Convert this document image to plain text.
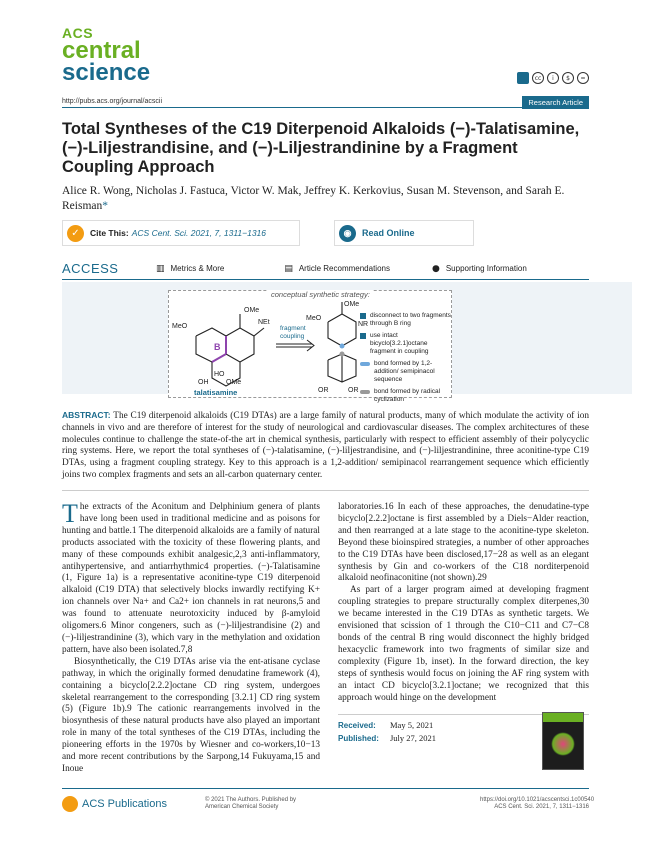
ACS
central
science	cc	i	$	=
http://pubs.acs.org/journal/acscii	Research Article
Total Syntheses of the C19 Diterpenoid Alkaloids (−)-Talatisamine, (−)-Liljestrandisine, and (−)-Liljestrandinine by a Fragment Coupling Approach
Alice R. Wong, Nicholas J. Fastuca, Victor W. Mak, Jeffrey K. Kerkovius, Susan M. Stevenson, and Sarah E. Reisman*
✓	Cite This: ACS Cent. Sci. 2021, 7, 1311−1316	◉	Read Online
ACCESS	▥ Metrics & More	▤ Article Recommendations	● Supporting Information
conceptual synthetic strategy:
B
OMe
MeO
NEt
HO
OH	OMe
talatisamine
fragment
coupling
MeO
OMe
NR
OR	OR
disconnect to two fragments through B ring
use intact bicyclo[3.2.1]octane fragment in coupling
bond formed by 1,2-addition/ semipinacol sequence
bond formed by radical cyclization
ABSTRACT: The C19 diterpenoid alkaloids (C19 DTAs) are a large family of natural products, many of which modulate the activity of ion channels in vivo and are therefore of interest for the study of neurological and cardiovascular diseases. The complex architectures of these molecules continue to challenge the state-of-the art in chemical synthesis, particularly with respect to efficient assembly of their polycyclic ring systems. Here, we report the total syntheses of (−)-talatisamine, (−)-liljestrandisine, and (−)-liljestrandinine, three aconitine-type C19 DTAs, using a fragment coupling strategy. Key to this approach is a 1,2-addition/ semipinacol rearrangement sequence which efficiently joins two complex fragments and sets an all-carbon quaternary center.

The extracts of the Aconitum and Delphinium genera of plants have long been used in traditional medicine and as poisons for hunting and battle.1 The diterpenoid alkaloids are a family of natural products associated with the toxicity of these flowering plants, and many of these compounds exhibit analgesic,2,3 anti-inflammatory, antihypertensive, and antiarrhythmic4 properties. (−)-Talatisamine (1, Figure 1a) is a representative aconitine-type C19 diterpenoid alkaloid (C19 DTA) that selectively blocks inwardly rectifying K+ ion channels over Na+ and Ca2+ ion channels in rat neurons,5 and was found to attenuate neurotoxicity induced by β-amyloid oligomers.6 Minor congeners, such as (−)-liljestrandisine (2) and (−)-liljestrandinine (3), which vary in the methylation and oxidation pattern, have also been isolated.7,8

Biosynthetically, the C19 DTAs arise via the ent-atisane cyclase pathway, in which the originally formed denudatine framework (4), containing a bicyclo[2.2.2]octane CD ring system, undergoes skeletal rearrangement to the corresponding [3.2.1] CD ring system (5) (Figure 1b).9 The cationic rearrangements involved in the biosynthesis of these natural products have also played an important role in many of the total syntheses of the C19 DTAs, including the pioneering efforts in the 1970s by Wiesner and co-workers,10−13 and more recent contributions by the Sarpong,14 Fukuyama,15 and Inoue

laboratories.16 In each of these approaches, the denudatine-type bicyclo[2.2.2]octane is first assembled by a Diels−Alder reaction, and then rearranged at a late stage to the aconitine-type skeleton. Beyond these bioinspired strategies, a number of other approaches to the C19 DTAs have been disclosed,17−28 as well as an elegant synthesis by Gin and co-workers of the C18 norditerpenoid alkaloid neofinaconitine (not shown).29

As part of a larger program aimed at developing fragment coupling strategies to prepare structurally complex diterpenes,30 we became interested in the C19 DTAs as synthetic targets. We envisioned that scission of 1 through the C10−C11 and C7−C8 bonds of the central B ring would disconnect the highly bridged hexacyclic framework into two fragments of similar size and complexity (Figure 1b, inset). In the forward direction, the key steps of synthesis would focus on joining the AF ring system with an intact CD bicyclo[3.2.1]octane; we recognized that this approach would hinge on the development

Received: May 5, 2021
Published: July 27, 2021
ACS Publications	© 2021 The Authors. Published by American Chemical Society
https://doi.org/10.1021/acscentsci.1c00540
ACS Cent. Sci. 2021, 7, 1311−1316
